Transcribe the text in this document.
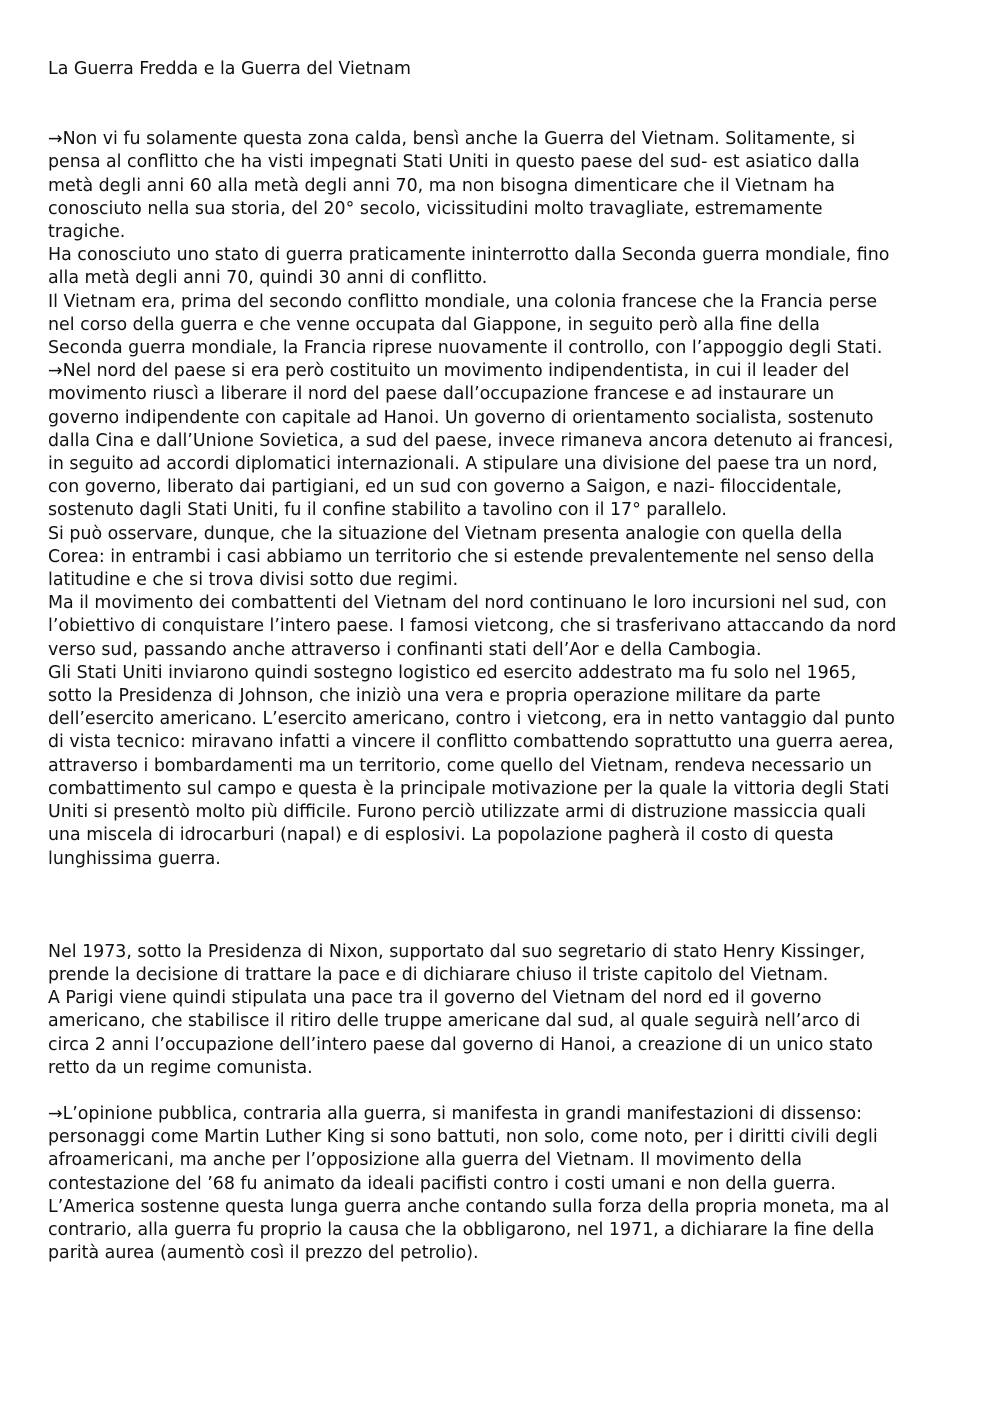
La Guerra Fredda e la Guerra del Vietnam

→Non vi fu solamente questa zona calda, bensì anche la Guerra del Vietnam. Solitamente, si
pensa al conflitto che ha visti impegnati Stati Uniti in questo paese del sud- est asiatico dalla
metà degli anni 60 alla metà degli anni 70, ma non bisogna dimenticare che il Vietnam ha
conosciuto nella sua storia, del 20° secolo, vicissitudini molto travagliate, estremamente
tragiche.

Ha conosciuto uno stato di guerra praticamente ininterrotto dalla Seconda guerra mondiale, fino
alla metà degli anni 70, quindi 30 anni di conflitto.

Il Vietnam era, prima del secondo conflitto mondiale, una colonia francese che la Francia perse
nel corso della guerra e che venne occupata dal Giappone, in seguito però alla fine della
Seconda guerra mondiale, la Francia riprese nuovamente il controllo, con l’appoggio degli Stati.

→Nel nord del paese si era però costituito un movimento indipendentista, in cui il leader del
movimento riuscì a liberare il nord del paese dall’occupazione francese e ad instaurare un
governo indipendente con capitale ad Hanoi. Un governo di orientamento socialista, sostenuto
dalla Cina e dall’Unione Sovietica, a sud del paese, invece rimaneva ancora detenuto ai francesi,
in seguito ad accordi diplomatici internazionali. A stipulare una divisione del paese tra un nord,
con governo, liberato dai partigiani, ed un sud con governo a Saigon, e nazi- filoccidentale,
sostenuto dagli Stati Uniti, fu il confine stabilito a tavolino con il 17° parallelo.

Si può osservare, dunque, che la situazione del Vietnam presenta analogie con quella della
Corea: in entrambi i casi abbiamo un territorio che si estende prevalentemente nel senso della
latitudine e che si trova divisi sotto due regimi.

Ma il movimento dei combattenti del Vietnam del nord continuano le loro incursioni nel sud, con
l’obiettivo di conquistare l’intero paese. I famosi vietcong, che si trasferivano attaccando da nord
verso sud, passando anche attraverso i confinanti stati dell’Aor e della Cambogia.

Gli Stati Uniti inviarono quindi sostegno logistico ed esercito addestrato ma fu solo nel 1965,
sotto la Presidenza di Johnson, che iniziò una vera e propria operazione militare da parte
dell’esercito americano. L’esercito americano, contro i vietcong, era in netto vantaggio dal punto
di vista tecnico: miravano infatti a vincere il conflitto combattendo soprattutto una guerra aerea,
attraverso i bombardamenti ma un territorio, come quello del Vietnam, rendeva necessario un
combattimento sul campo e questa è la principale motivazione per la quale la vittoria degli Stati
Uniti si presentò molto più difficile. Furono perciò utilizzate armi di distruzione massiccia quali
una miscela di idrocarburi (napal) e di esplosivi. La popolazione pagherà il costo di questa
lunghissima guerra.

Nel 1973, sotto la Presidenza di Nixon, supportato dal suo segretario di stato Henry Kissinger,
prende la decisione di trattare la pace e di dichiarare chiuso il triste capitolo del Vietnam.

A Parigi viene quindi stipulata una pace tra il governo del Vietnam del nord ed il governo
americano, che stabilisce il ritiro delle truppe americane dal sud, al quale seguirà nell’arco di
circa 2 anni l’occupazione dell’intero paese dal governo di Hanoi, a creazione di un unico stato
retto da un regime comunista.

→L’opinione pubblica, contraria alla guerra, si manifesta in grandi manifestazioni di dissenso:
personaggi come Martin Luther King si sono battuti, non solo, come noto, per i diritti civili degli
afroamericani, ma anche per l’opposizione alla guerra del Vietnam. Il movimento della
contestazione del ’68 fu animato da ideali pacifisti contro i costi umani e non della guerra.

L’America sostenne questa lunga guerra anche contando sulla forza della propria moneta, ma al
contrario, alla guerra fu proprio la causa che la obbligarono, nel 1971, a dichiarare la fine della
parità aurea (aumentò così il prezzo del petrolio).
